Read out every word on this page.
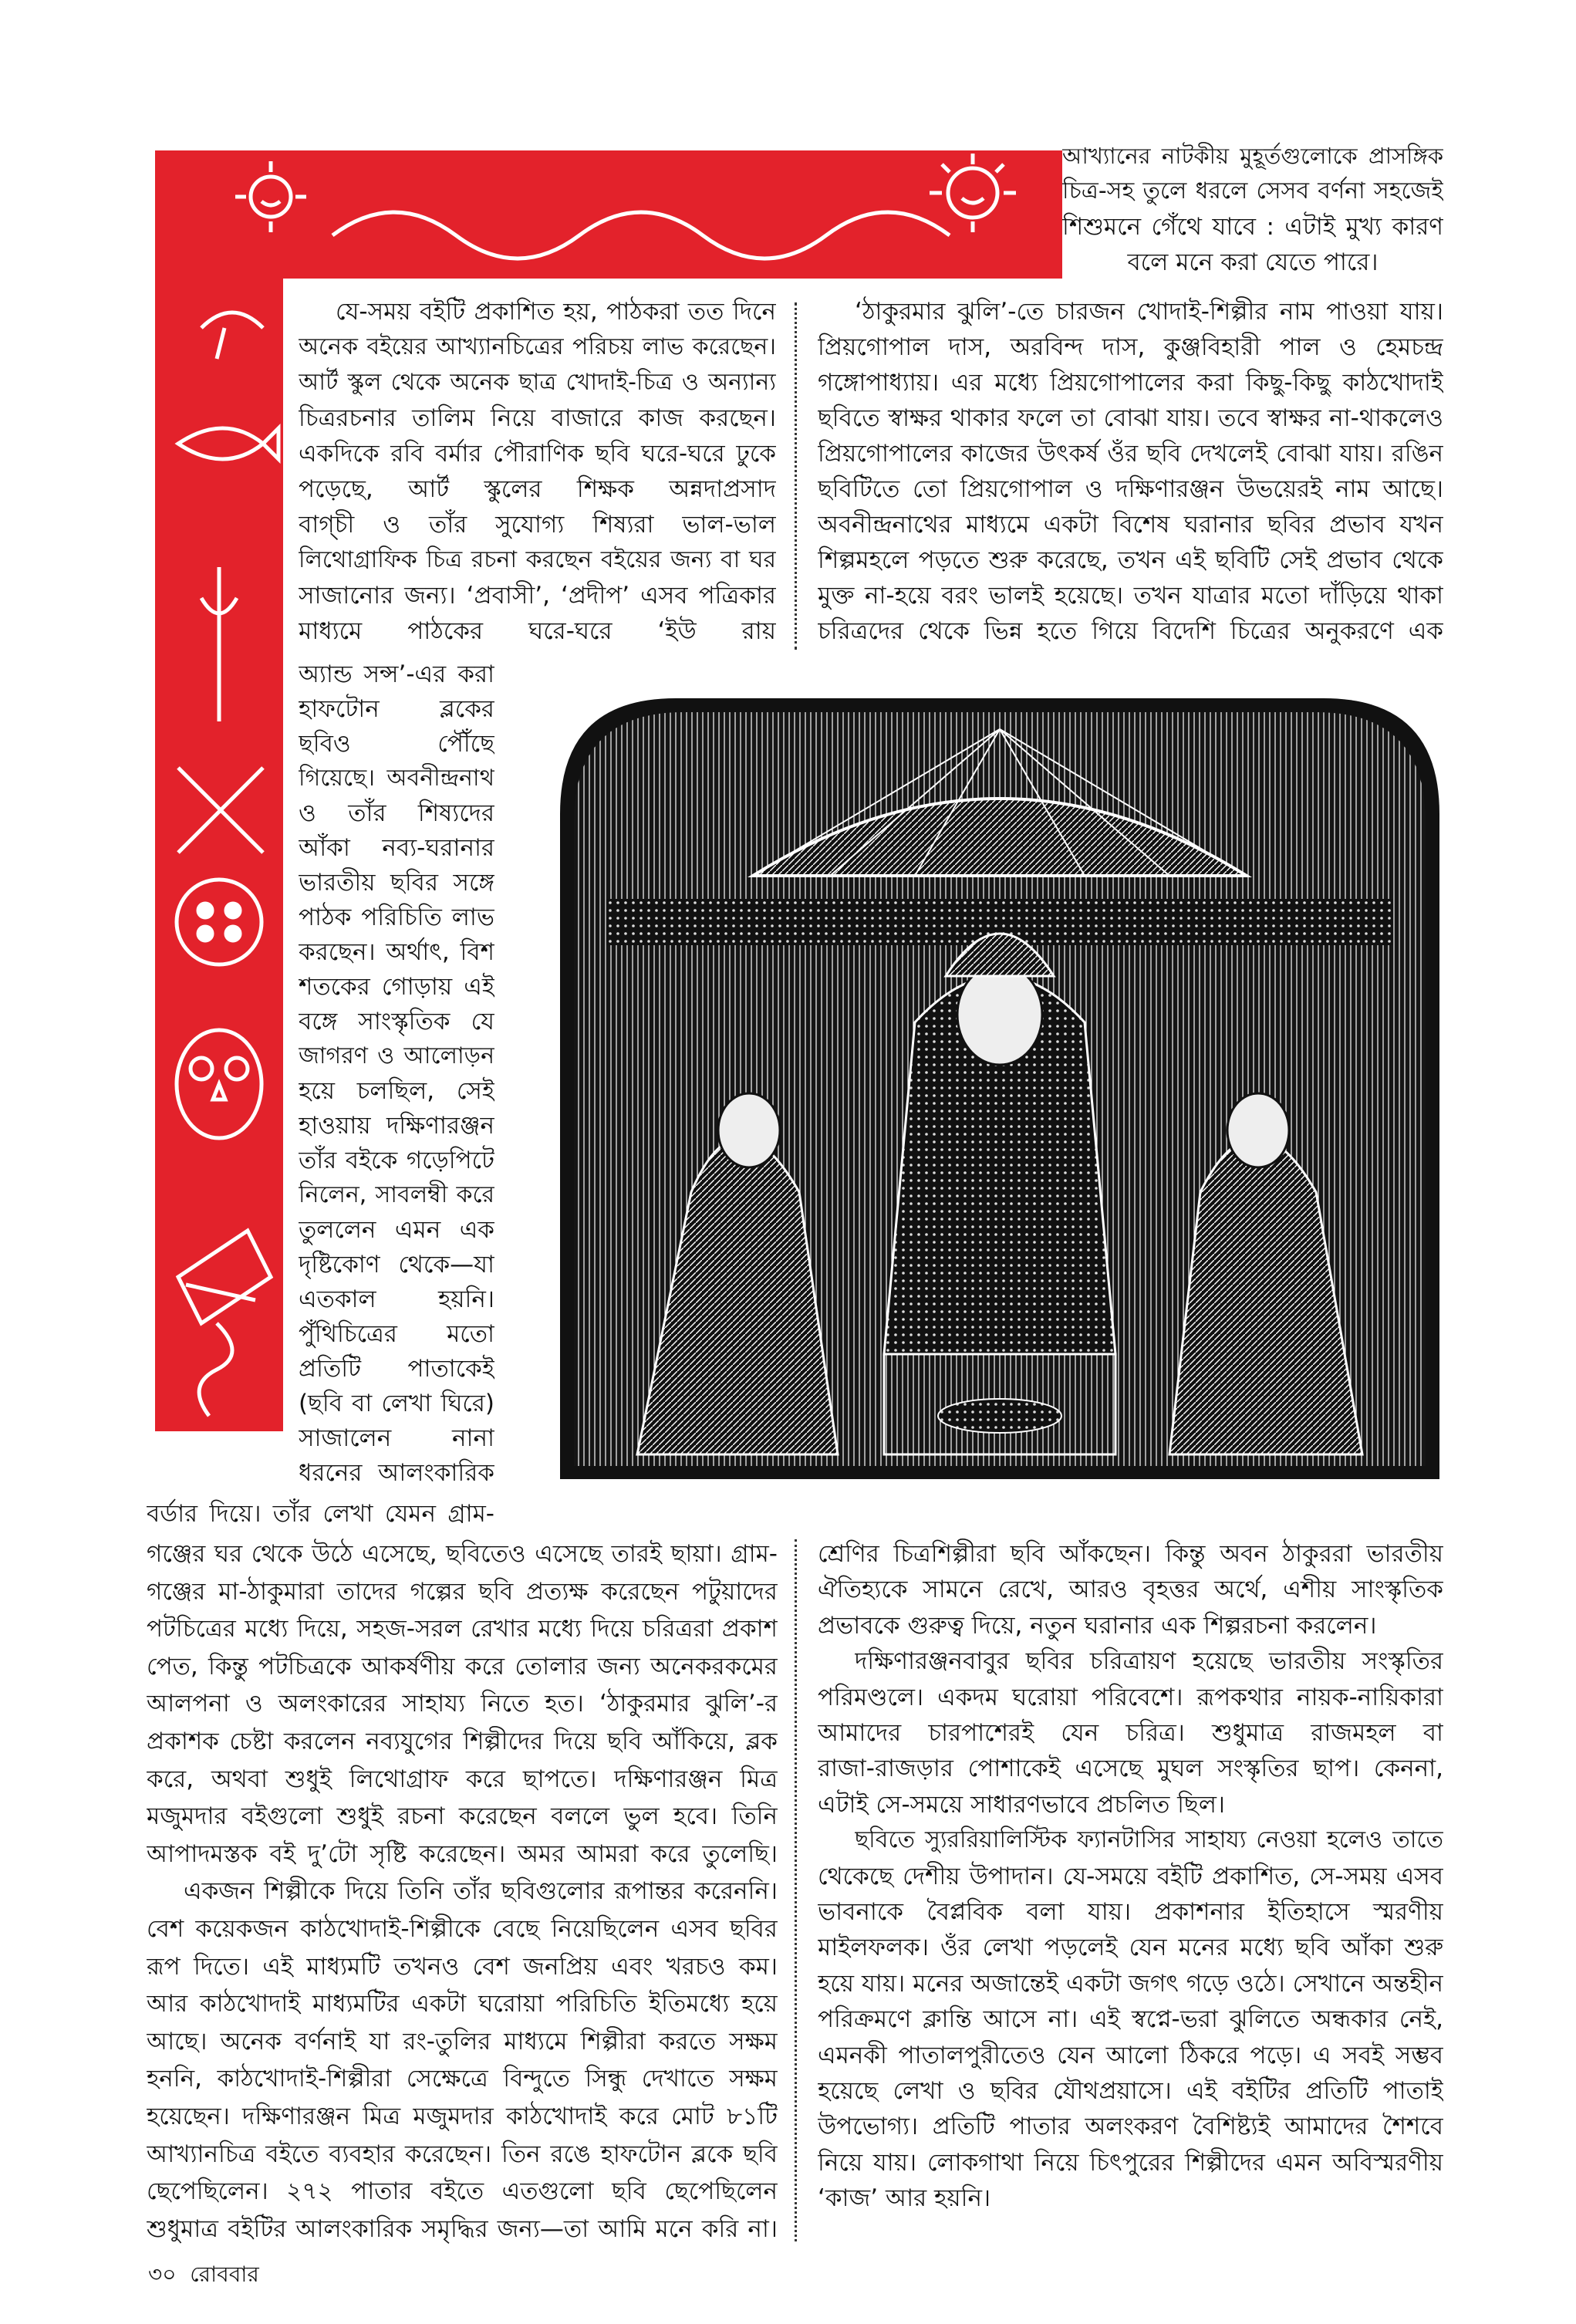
আখ্যানের নাটকীয় মুহূর্তগুলোকে প্রাসঙ্গিক
চিত্র-সহ তুলে ধরলে সেসব বর্ণনা সহজেই
শিশুমনে গেঁথে যাবে : এটাই মুখ্য কারণ
বলে মনে করা যেতে পারে।
যে-সময় বইটি প্রকাশিত হয়, পাঠকরা তত দিনে
অনেক বইয়ের আখ্যানচিত্রের পরিচয় লাভ করেছেন।
আর্ট স্কুল থেকে অনেক ছাত্র খোদাই-চিত্র ও অন্যান্য
চিত্ররচনার তালিম নিয়ে বাজারে কাজ করছেন।
একদিকে রবি বর্মার পৌরাণিক ছবি ঘরে-ঘরে ঢুকে
পড়েছে, আর্ট স্কুলের শিক্ষক অন্নদাপ্রসাদ
বাগ্‌চী ও তাঁর সুযোগ্য শিষ্যরা ভাল-ভাল
লিথোগ্রাফিক চিত্র রচনা করছেন বইয়ের জন্য বা ঘর
সাজানোর জন্য। ‘প্রবাসী’, ‘প্রদীপ’ এসব পত্রিকার
মাধ্যমে পাঠকের ঘরে-ঘরে ‘ইউ রায়
‘ঠাকুরমার ঝুলি’-তে চারজন খোদাই-শিল্পীর নাম পাওয়া যায়।
প্রিয়গোপাল দাস, অরবিন্দ দাস, কুঞ্জবিহারী পাল ও হেমচন্দ্র
গঙ্গোপাধ্যায়। এর মধ্যে প্রিয়গোপালের করা কিছু-কিছু কাঠখোদাই
ছবিতে স্বাক্ষর থাকার ফলে তা বোঝা যায়। তবে স্বাক্ষর না-থাকলেও
প্রিয়গোপালের কাজের উৎকর্ষ ওঁর ছবি দেখলেই বোঝা যায়। রঙিন
ছবিটিতে তো প্রিয়গোপাল ও দক্ষিণারঞ্জন উভয়েরই নাম আছে।
অবনীন্দ্রনাথের মাধ্যমে একটা বিশেষ ঘরানার ছবির প্রভাব যখন
শিল্পমহলে পড়তে শুরু করেছে, তখন এই ছবিটি সেই প্রভাব থেকে
মুক্ত না-হয়ে বরং ভালই হয়েছে। তখন যাত্রার মতো দাঁড়িয়ে থাকা
চরিত্রদের থেকে ভিন্ন হতে গিয়ে বিদেশি চিত্রের অনুকরণে এক
অ্যান্ড সন্স’-এর করা
হাফটোন ব্লকের
ছবিও পৌঁছে
গিয়েছে। অবনীন্দ্রনাথ
ও তাঁর শিষ্যদের
আঁকা নব্য-ঘরানার
ভারতীয় ছবির সঙ্গে
পাঠক পরিচিতি লাভ
করছেন। অর্থাৎ, বিশ
শতকের গোড়ায় এই
বঙ্গে সাংস্কৃতিক যে
জাগরণ ও আলোড়ন
হয়ে চলছিল, সেই
হাওয়ায় দক্ষিণারঞ্জন
তাঁর বইকে গড়েপিটে
নিলেন, সাবলম্বী করে
তুললেন এমন এক
দৃষ্টিকোণ থেকে—যা
এতকাল হয়নি।
পুঁথিচিত্রের মতো
প্রতিটি পাতাকেই
(ছবি বা লেখা ঘিরে)
সাজালেন নানা
ধরনের আলংকারিক
বর্ডার দিয়ে। তাঁর লেখা যেমন গ্রাম-
গঞ্জের ঘর থেকে উঠে এসেছে, ছবিতেও এসেছে তারই ছায়া। গ্রাম-
গঞ্জের মা-ঠাকুমারা তাদের গল্পের ছবি প্রত্যক্ষ করেছেন পটুয়াদের
পটচিত্রের মধ্যে দিয়ে, সহজ-সরল রেখার মধ্যে দিয়ে চরিত্ররা প্রকাশ
পেত, কিন্তু পটচিত্রকে আকর্ষণীয় করে তোলার জন্য অনেকরকমের
আলপনা ও অলংকারের সাহায্য নিতে হত। ‘ঠাকুরমার ঝুলি’-র
প্রকাশক চেষ্টা করলেন নব্যযুগের শিল্পীদের দিয়ে ছবি আঁকিয়ে, ব্লক
করে, অথবা শুধুই লিথোগ্রাফ করে ছাপতে। দক্ষিণারঞ্জন মিত্র
মজুমদার বইগুলো শুধুই রচনা করেছেন বললে ভুল হবে। তিনি
আপাদমস্তক বই দু’টো সৃষ্টি করেছেন। অমর আমরা করে তুলেছি।
একজন শিল্পীকে দিয়ে তিনি তাঁর ছবিগুলোর রূপান্তর করেননি।
বেশ কয়েকজন কাঠখোদাই-শিল্পীকে বেছে নিয়েছিলেন এসব ছবির
রূপ দিতে। এই মাধ্যমটি তখনও বেশ জনপ্রিয় এবং খরচও কম।
আর কাঠখোদাই মাধ্যমটির একটা ঘরোয়া পরিচিতি ইতিমধ্যে হয়ে
আছে। অনেক বর্ণনাই যা রং-তুলির মাধ্যমে শিল্পীরা করতে সক্ষম
হননি, কাঠখোদাই-শিল্পীরা সেক্ষেত্রে বিন্দুতে সিন্ধু দেখাতে সক্ষম
হয়েছেন। দক্ষিণারঞ্জন মিত্র মজুমদার কাঠখোদাই করে মোট ৮১টি
আখ্যানচিত্র বইতে ব্যবহার করেছেন। তিন রঙে হাফটোন ব্লকে ছবি
ছেপেছিলেন। ২৭২ পাতার বইতে এতগুলো ছবি ছেপেছিলেন
শুধুমাত্র বইটির আলংকারিক সমৃদ্ধির জন্য—তা আমি মনে করি না।
শ্রেণির চিত্রশিল্পীরা ছবি আঁকছেন। কিন্তু অবন ঠাকুররা ভারতীয়
ঐতিহ্যকে সামনে রেখে, আরও বৃহত্তর অর্থে, এশীয় সাংস্কৃতিক
প্রভাবকে গুরুত্ব দিয়ে, নতুন ঘরানার এক শিল্পরচনা করলেন।
দক্ষিণারঞ্জনবাবুর ছবির চরিত্রায়ণ হয়েছে ভারতীয় সংস্কৃতির
পরিমণ্ডলে। একদম ঘরোয়া পরিবেশে। রূপকথার নায়ক-নায়িকারা
আমাদের চারপাশেরই যেন চরিত্র। শুধুমাত্র রাজমহল বা
রাজা-রাজড়ার পোশাকেই এসেছে মুঘল সংস্কৃতির ছাপ। কেননা,
এটাই সে-সময়ে সাধারণভাবে প্রচলিত ছিল।
ছবিতে স্যুররিয়ালিস্টিক ফ্যানটাসির সাহায্য নেওয়া হলেও তাতে
থেকেছে দেশীয় উপাদান। যে-সময়ে বইটি প্রকাশিত, সে-সময় এসব
ভাবনাকে বৈপ্লবিক বলা যায়। প্রকাশনার ইতিহাসে স্মরণীয়
মাইলফলক। ওঁর লেখা পড়লেই যেন মনের মধ্যে ছবি আঁকা শুরু
হয়ে যায়। মনের অজান্তেই একটা জগৎ গড়ে ওঠে। সেখানে অন্তহীন
পরিক্রমণে ক্লান্তি আসে না। এই স্বপ্নে-ভরা ঝুলিতে অন্ধকার নেই,
এমনকী পাতালপুরীতেও যেন আলো ঠিকরে পড়ে। এ সবই সম্ভব
হয়েছে লেখা ও ছবির যৌথপ্রয়াসে। এই বইটির প্রতিটি পাতাই
উপভোগ্য। প্রতিটি পাতার অলংকরণ বৈশিষ্ট্যই আমাদের শৈশবে
নিয়ে যায়। লোকগাথা নিয়ে চিৎপুরের শিল্পীদের এমন অবিস্মরণীয়
‘কাজ’ আর হয়নি।
৩০ রোববার
